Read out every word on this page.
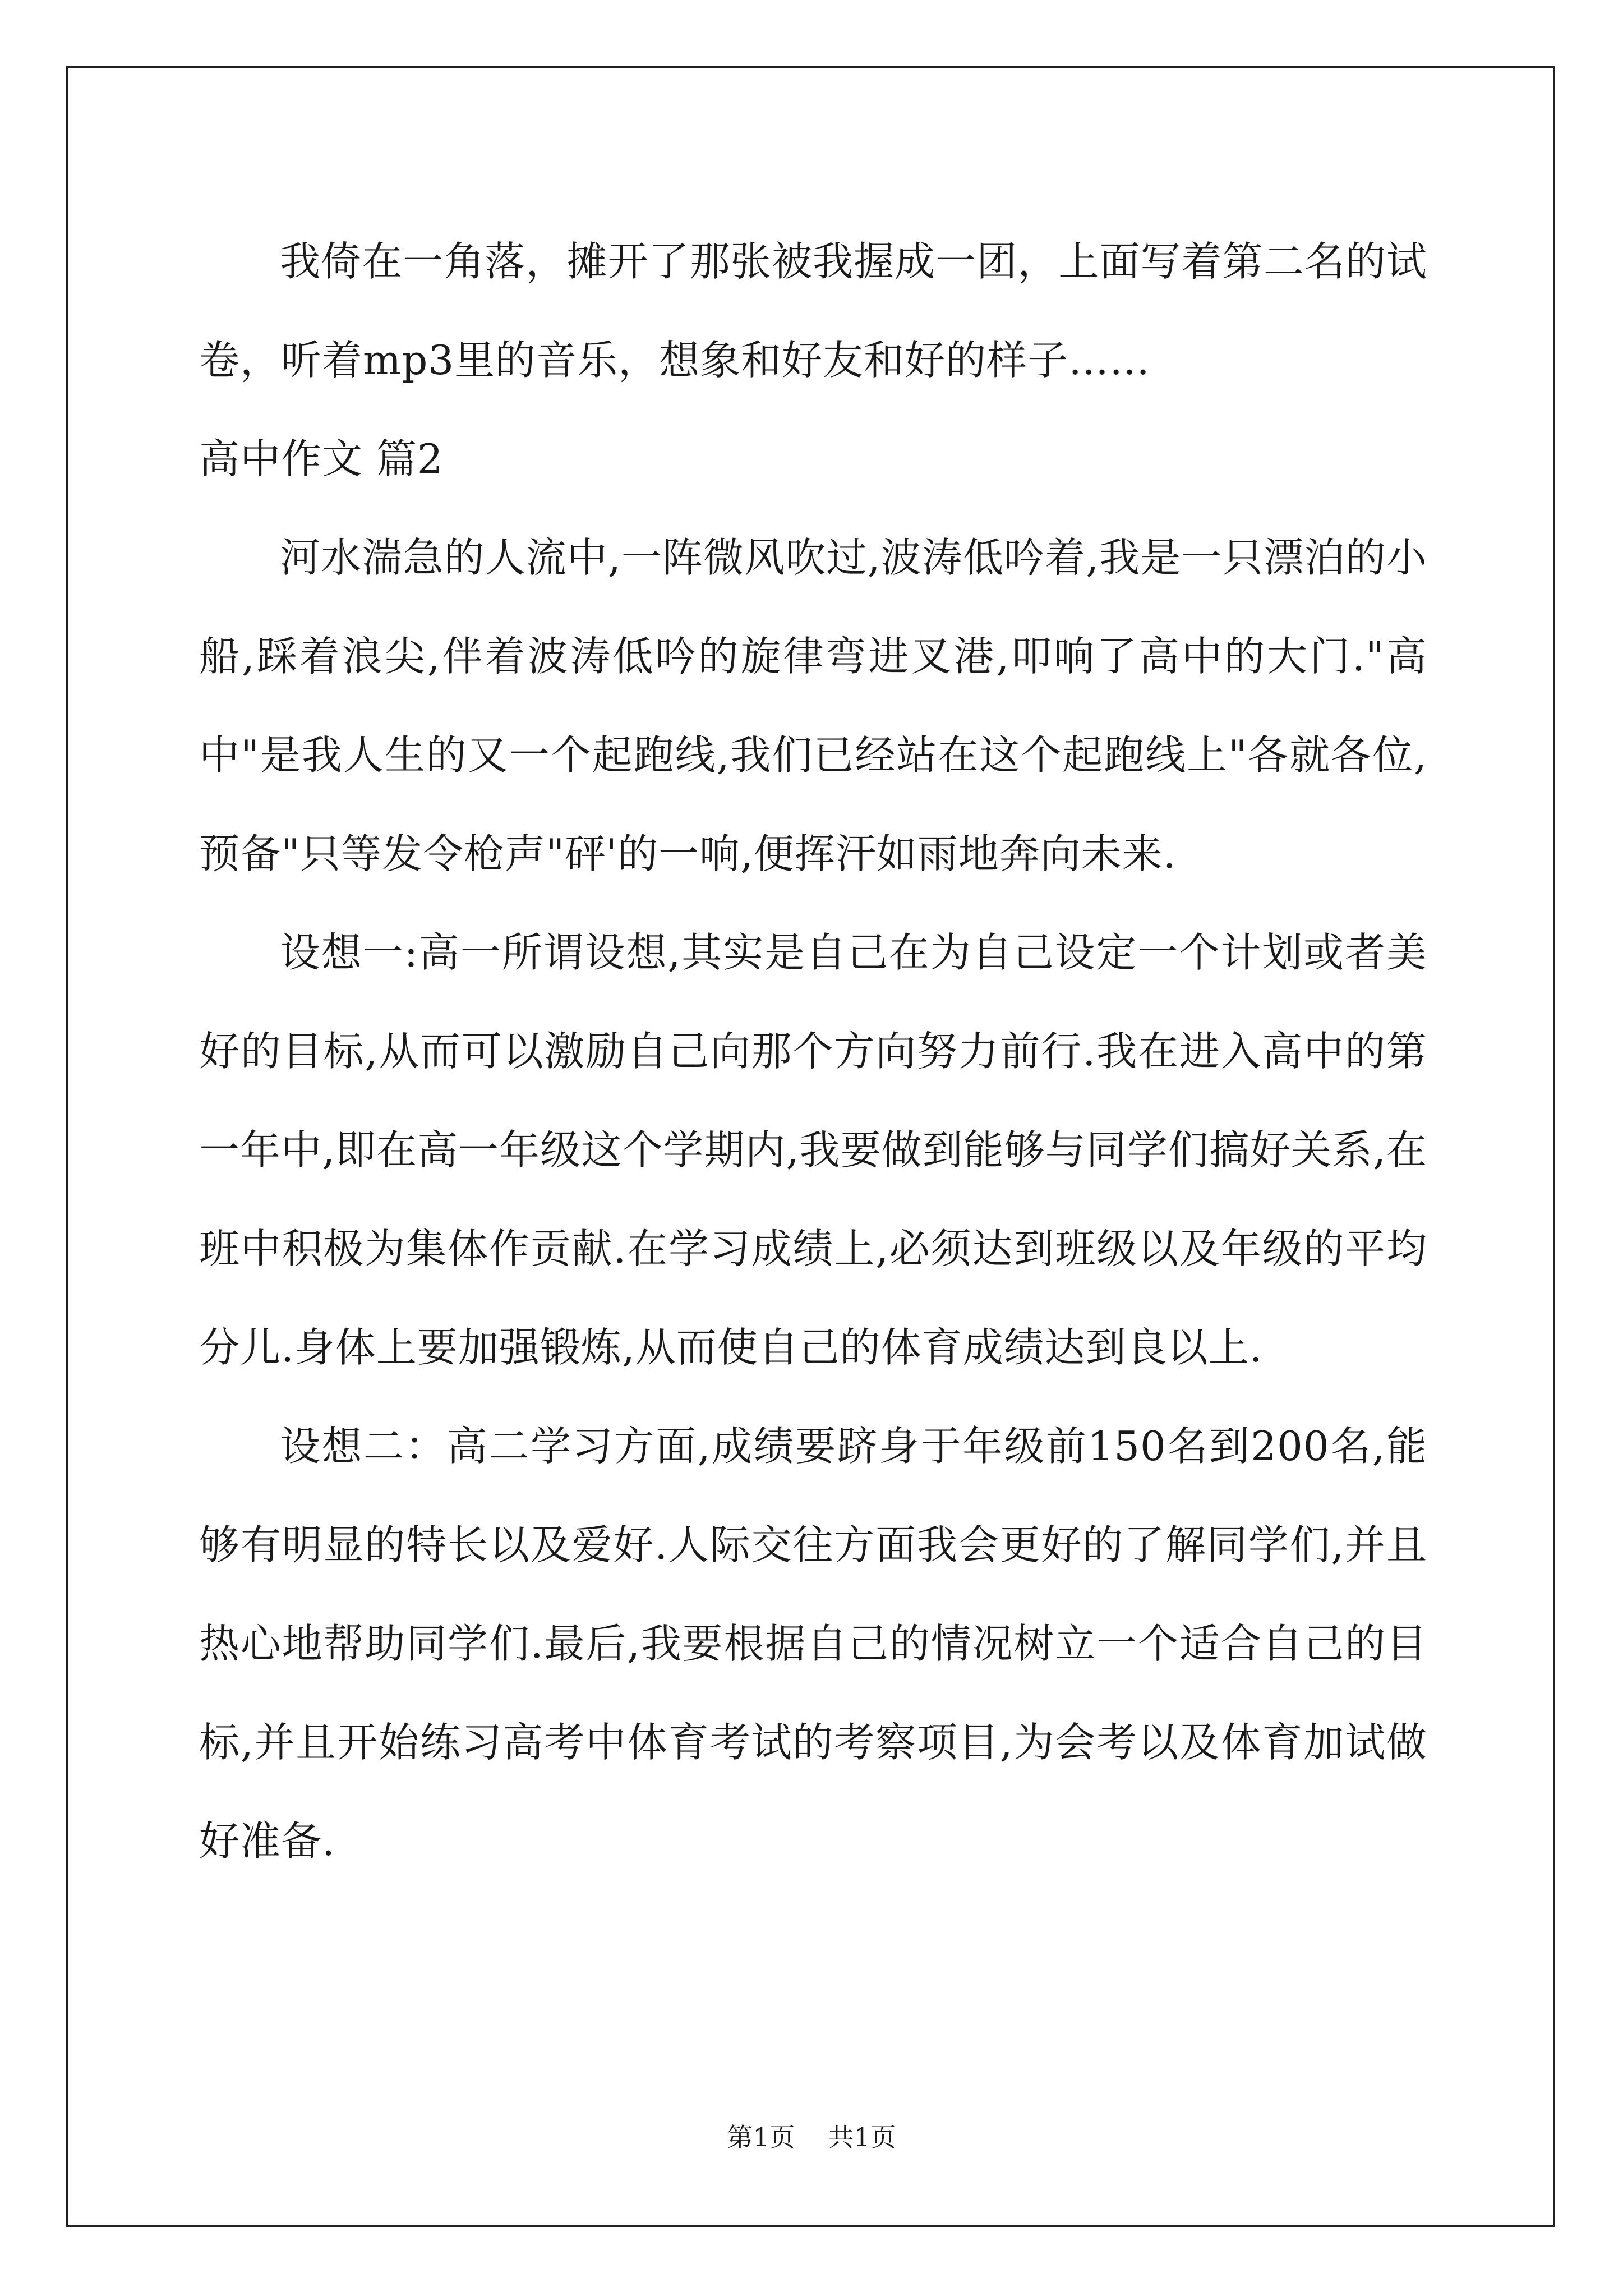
我倚在一角落，摊开了那张被我握成一团，上面写着第二名的试卷，听着mp3里的音乐，想象和好友和好的样子……

高中作文 篇2

河水湍急的人流中,一阵微风吹过,波涛低吟着,我是一只漂泊的小船,踩着浪尖,伴着波涛低吟的旋律弯进叉港,叩响了高中的大门."高中"是我人生的又一个起跑线,我们已经站在这个起跑线上"各就各位,预备"只等发令枪声"砰'的一响,便挥汗如雨地奔向未来.

设想一:高一所谓设想,其实是自己在为自己设定一个计划或者美好的目标,从而可以激励自己向那个方向努力前行.我在进入高中的第一年中,即在高一年级这个学期内,我要做到能够与同学们搞好关系,在班中积极为集体作贡献.在学习成绩上,必须达到班级以及年级的平均分儿.身体上要加强锻炼,从而使自己的体育成绩达到良以上.

设想二：高二学习方面,成绩要跻身于年级前150名到200名,能够有明显的特长以及爱好.人际交往方面我会更好的了解同学们,并且热心地帮助同学们.最后,我要根据自己的情况树立一个适合自己的目标,并且开始练习高考中体育考试的考察项目,为会考以及体育加试做好准备.

第1页 共1页
